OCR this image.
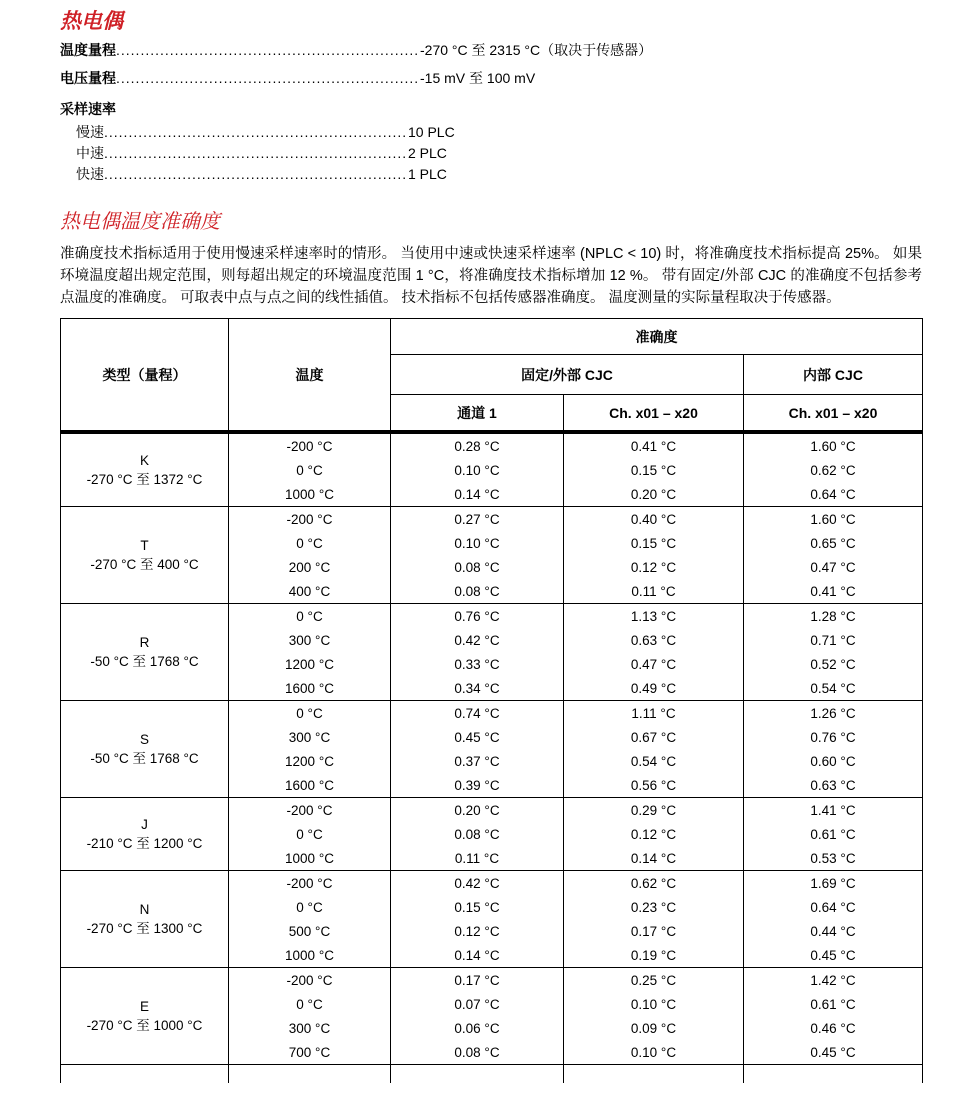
热电偶
温度量程 .....	-270 °C 至 2315 °C（取决于传感器）
电压量程 .....	-15 mV 至 100 mV
采样速率
慢速 .....	10 PLC
中速 .....	2 PLC
快速 .....	1 PLC
热电偶温度准确度

准确度技术指标适用于使用慢速采样速率时的情形。 当使用中速或快速采样速率 (NPLC < 10) 时，将准确度技术指标提高 25%。 如果环境温度超出规定范围，则每超出规定的环境温度范围 1 °C，将准确度技术指标增加 12 %。 带有固定/外部 CJC 的准确度不包括参考点温度的准确度。 可取表中点与点之间的线性插值。 技术指标不包括传感器准确度。 温度测量的实际量程取决于传感器。

类型（量程）	温度	准确度		
		固定/外部 CJC		内部 CJC
		通道 1	Ch. x01 – x20	Ch. x01 – x20

K
-270 °C 至 1372 °C	-200 °C	0.28 °C	0.41 °C	1.60 °C
	0 °C	0.10 °C	0.15 °C	0.62 °C
	1000 °C	0.14 °C	0.20 °C	0.64 °C

T
-270 °C 至 400 °C	-200 °C	0.27 °C	0.40 °C	1.60 °C
	0 °C	0.10 °C	0.15 °C	0.65 °C
	200 °C	0.08 °C	0.12 °C	0.47 °C
	400 °C	0.08 °C	0.11 °C	0.41 °C

R
-50 °C 至 1768 °C	0 °C	0.76 °C	1.13 °C	1.28 °C
	300 °C	0.42 °C	0.63 °C	0.71 °C
	1200 °C	0.33 °C	0.47 °C	0.52 °C
	1600 °C	0.34 °C	0.49 °C	0.54 °C

S
-50 °C 至 1768 °C	0 °C	0.74 °C	1.11 °C	1.26 °C
	300 °C	0.45 °C	0.67 °C	0.76 °C
	1200 °C	0.37 °C	0.54 °C	0.60 °C
	1600 °C	0.39 °C	0.56 °C	0.63 °C

J
-210 °C 至 1200 °C	-200 °C	0.20 °C	0.29 °C	1.41 °C
	0 °C	0.08 °C	0.12 °C	0.61 °C
	1000 °C	0.11 °C	0.14 °C	0.53 °C

N
-270 °C 至 1300 °C	-200 °C	0.42 °C	0.62 °C	1.69 °C
	0 °C	0.15 °C	0.23 °C	0.64 °C
	500 °C	0.12 °C	0.17 °C	0.44 °C
	1000 °C	0.14 °C	0.19 °C	0.45 °C

E
-270 °C 至 1000 °C	-200 °C	0.17 °C	0.25 °C	1.42 °C
	0 °C	0.07 °C	0.10 °C	0.61 °C
	300 °C	0.06 °C	0.09 °C	0.46 °C
	700 °C	0.08 °C	0.10 °C	0.45 °C
